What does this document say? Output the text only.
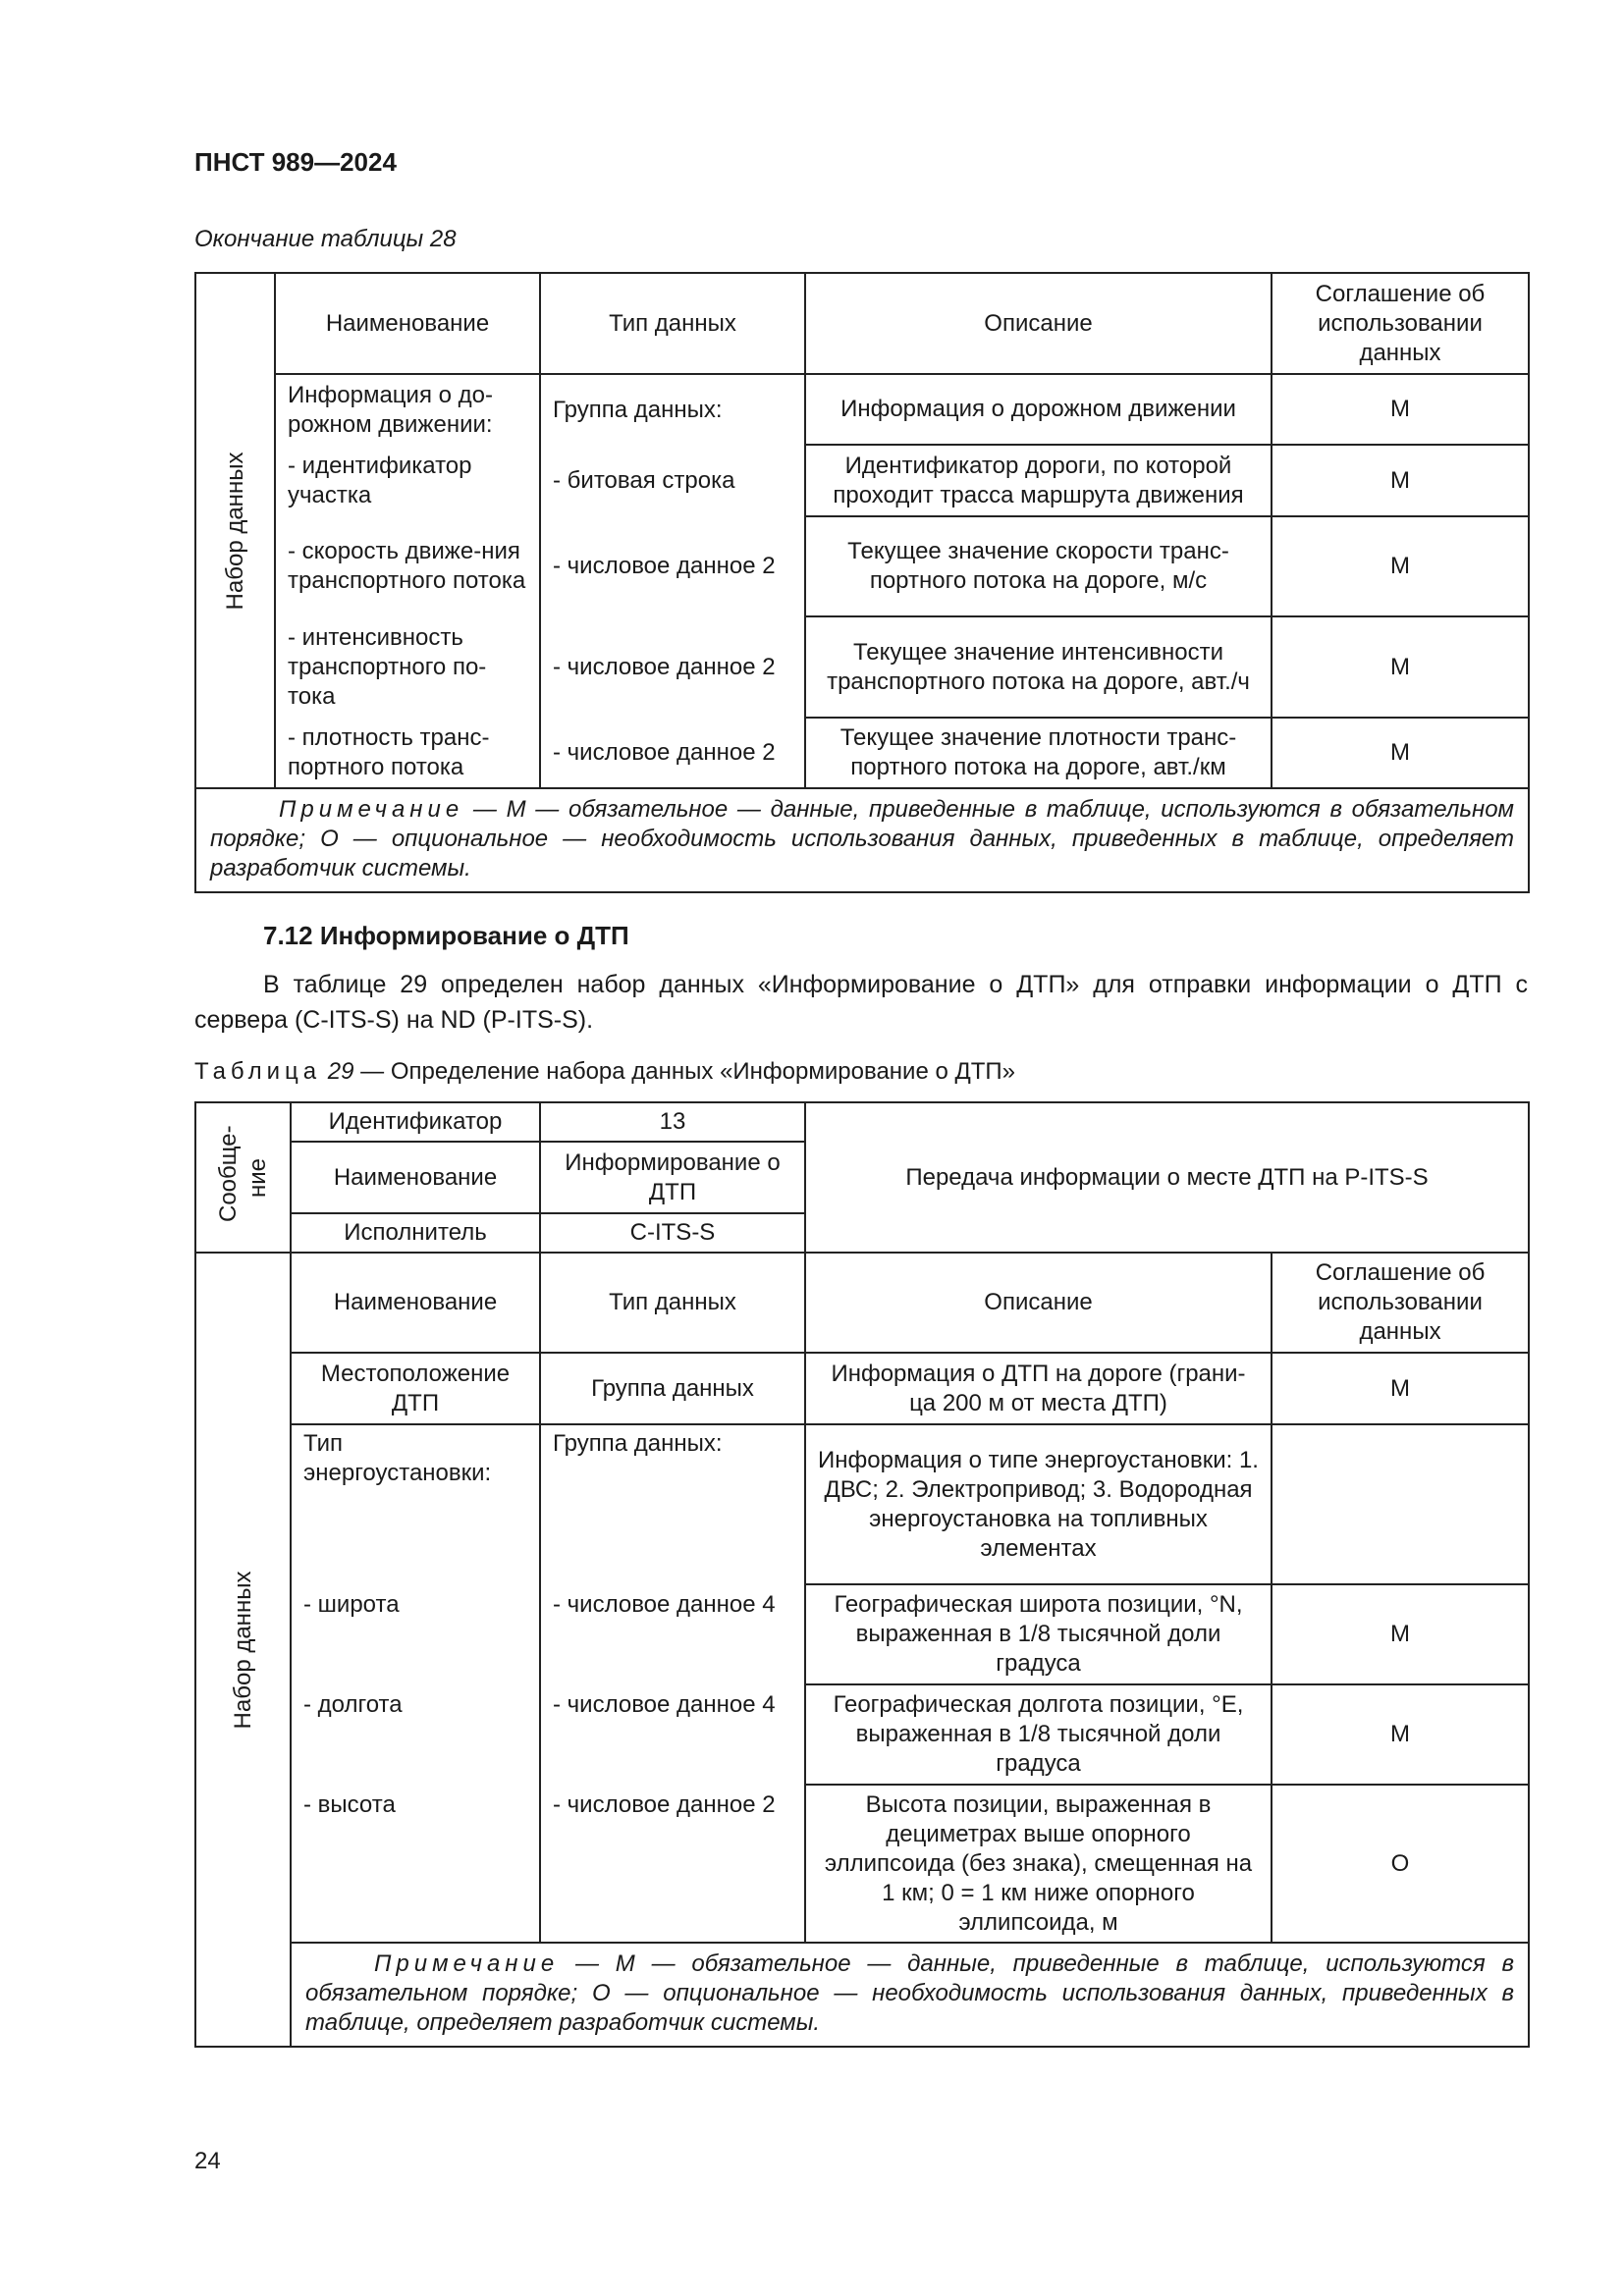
ПНСТ 989—2024
Окончание таблицы 28
Набор данных	Наименование	Тип данных	Описание	Соглашение об использовании данных
	Информация о до-рожном движении:	Группа данных:	Информация о дорожном движении	М
	- идентификатор участка	- битовая строка	Идентификатор дороги, по которой проходит трасса маршрута движения	М
	- скорость движе-ния транспортного потока	- числовое данное 2	Текущее значение скорости транс-портного потока на дороге, м/с	М
	- интенсивность транспортного по-тока	- числовое данное 2	Текущее значение интенсивности транспортного потока на дороге, авт./ч	М
	- плотность транс-портного потока	- числовое данное 2	Текущее значение плотности транс-портного потока на дороге, авт./км	М
Примечание — М — обязательное — данные, приведенные в таблице, используются в обязательном порядке; О — опциональное — необходимость использования данных, приведенных в таблице, определяет разработчик системы.				
7.12 Информирование о ДТП
В таблице 29 определен набор данных «Информирование о ДТП» для отправки информации о ДТП с сервера (C-ITS-S) на ND (P-ITS-S).
Таблица 29 — Определение набора данных «Информирование о ДТП»
Сообще-ние	Идентификатор	13	Передача информации о месте ДТП на P-ITS-S	
	Наименование	Информирование о ДТП		
	Исполнитель	C-ITS-S		

Набор данных	Наименование	Тип данных	Описание	Соглашение об использовании данных
	Местоположение ДТП	Группа данных	Информация о ДТП на дороге (грани-ца 200 м от места ДТП)	М
	Тип энергоустановки:	Группа данных:	Информация о типе энергоустановки: 1. ДВС; 2. Электропривод; 3. Водородная энергоустановка на топливных элементах	
	- широта	- числовое данное 4	Географическая широта позиции, °N, выраженная в 1/8 тысячной доли градуса	М
	- долгота	- числовое данное 4	Географическая долгота позиции, °E, выраженная в 1/8 тысячной доли градуса	М
	- высота	- числовое данное 2	Высота позиции, выраженная в дециметрах выше опорного эллипсоида (без знака), смещенная на 1 км; 0 = 1 км ниже опорного эллипсоида, м	О
	Примечание — М — обязательное — данные, приведенные в таблице, используются в обязательном порядке; О — опциональное — необходимость использования данных, приведенных в таблице, определяет разработчик системы.			
24
